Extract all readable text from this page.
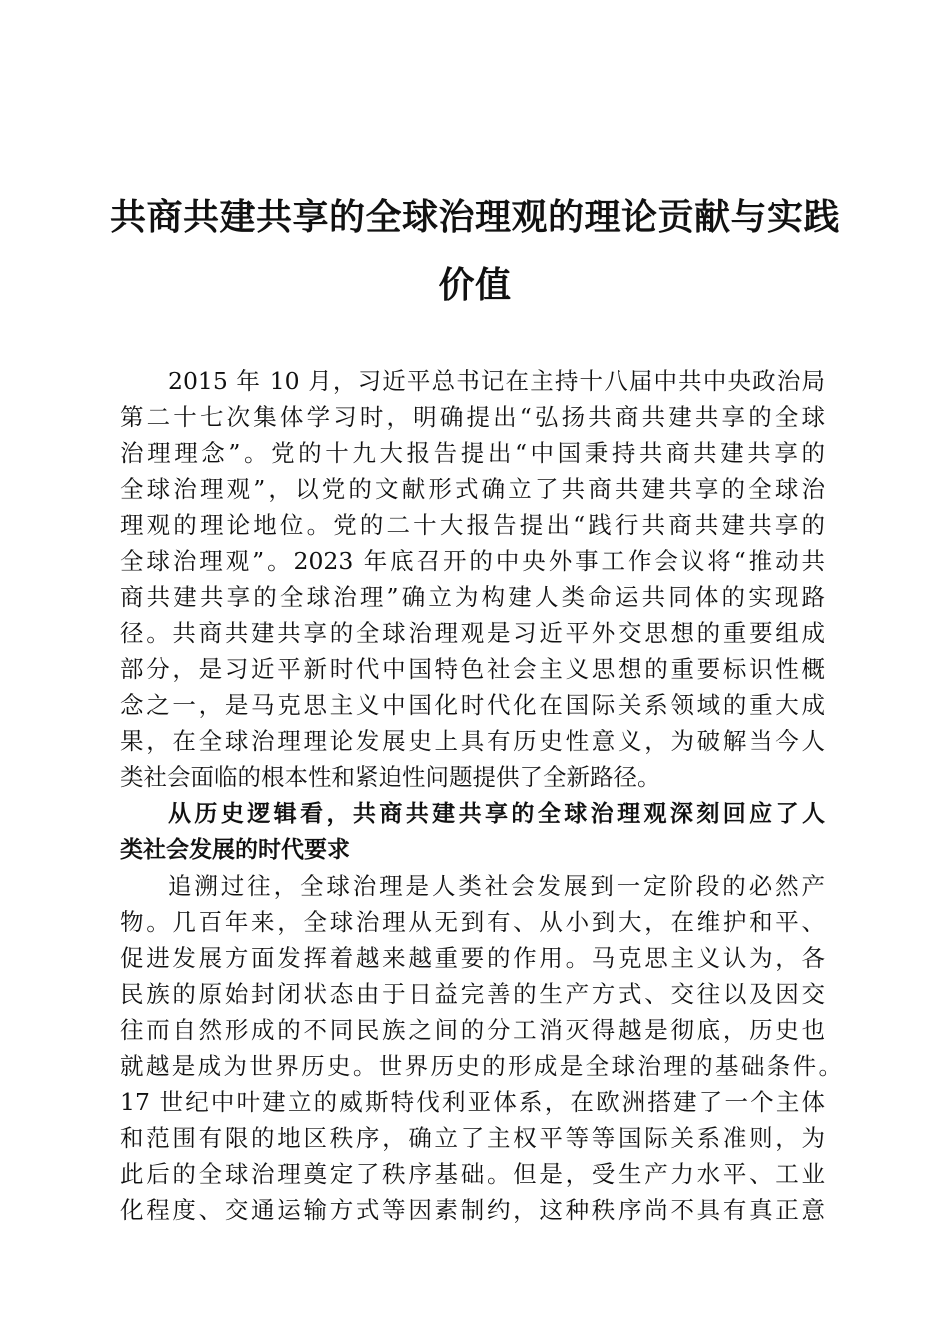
共商共建共享的全球治理观的理论贡献与实践
价值

2015 年 10 月，习近平总书记在主持十八届中共中央政治局

第二十七次集体学习时，明确提出“弘扬共商共建共享的全球

治理理念”。党的十九大报告提出“中国秉持共商共建共享的

全球治理观”，以党的文献形式确立了共商共建共享的全球治

理观的理论地位。党的二十大报告提出“践行共商共建共享的

全球治理观”。2023 年底召开的中央外事工作会议将“推动共

商共建共享的全球治理”确立为构建人类命运共同体的实现路

径。共商共建共享的全球治理观是习近平外交思想的重要组成

部分，是习近平新时代中国特色社会主义思想的重要标识性概

念之一，是马克思主义中国化时代化在国际关系领域的重大成

果，在全球治理理论发展史上具有历史性意义，为破解当今人

类社会面临的根本性和紧迫性问题提供了全新路径。

从历史逻辑看，共商共建共享的全球治理观深刻回应了人

类社会发展的时代要求

追溯过往，全球治理是人类社会发展到一定阶段的必然产

物。几百年来，全球治理从无到有、从小到大，在维护和平、

促进发展方面发挥着越来越重要的作用。马克思主义认为，各

民族的原始封闭状态由于日益完善的生产方式、交往以及因交

往而自然形成的不同民族之间的分工消灭得越是彻底，历史也

就越是成为世界历史。世界历史的形成是全球治理的基础条件。

17 世纪中叶建立的威斯特伐利亚体系，在欧洲搭建了一个主体

和范围有限的地区秩序，确立了主权平等等国际关系准则，为

此后的全球治理奠定了秩序基础。但是，受生产力水平、工业

化程度、交通运输方式等因素制约，这种秩序尚不具有真正意
